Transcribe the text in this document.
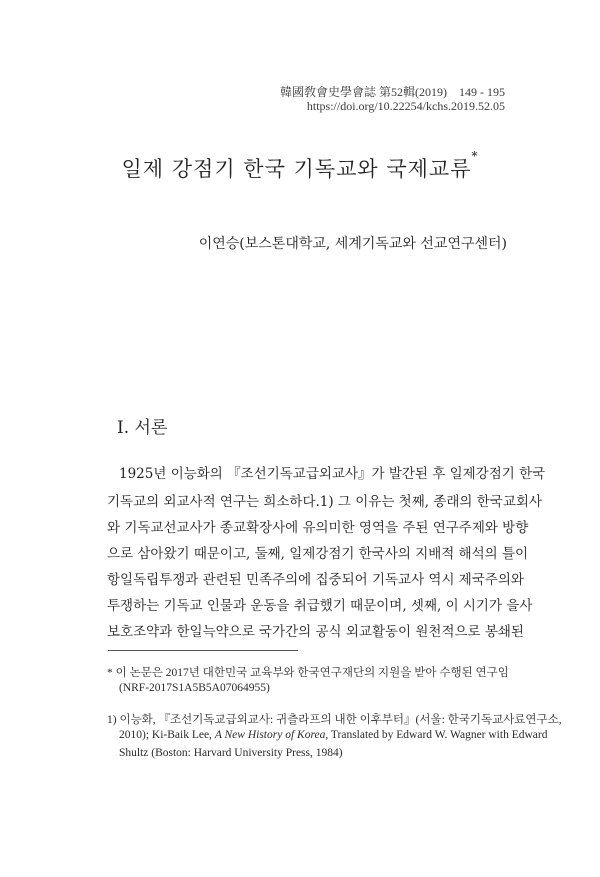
韓國敎會史學會誌 第52輯(2019) 149 - 195
https://doi.org/10.22254/kchs.2019.52.05
일제 강점기 한국 기독교와 국제교류*
이연승(보스톤대학교, 세계기독교와 선교연구센터)
Ⅰ. 서론
1925년 이능화의 『조선기독교급외교사』가 발간된 후 일제강점기 한국
기독교의 외교사적 연구는 희소하다.1) 그 이유는 첫째, 종래의 한국교회사
와 기독교선교사가 종교확장사에 유의미한 영역을 주된 연구주제와 방향
으로 삼아왔기 때문이고, 둘째, 일제강점기 한국사의 지배적 해석의 틀이
항일독립투쟁과 관련된 민족주의에 집중되어 기독교사 역시 제국주의와
투쟁하는 기독교 인물과 운동을 취급했기 때문이며, 셋째, 이 시기가 을사
보호조약과 한일늑약으로 국가간의 공식 외교활동이 원천적으로 봉쇄된
* 이 논문은 2017년 대한민국 교육부와 한국연구재단의 지원을 받아 수행된 연구임
(NRF-2017S1A5B5A07064955)
1) 이능화, 『조선기독교급외교사: 귀츨라프의 내한 이후부터』(서울: 한국기독교사료연구소,
2010); Ki-Baik Lee, A New History of Korea, Translated by Edward W. Wagner with Edward
Shultz (Boston: Harvard University Press, 1984)
